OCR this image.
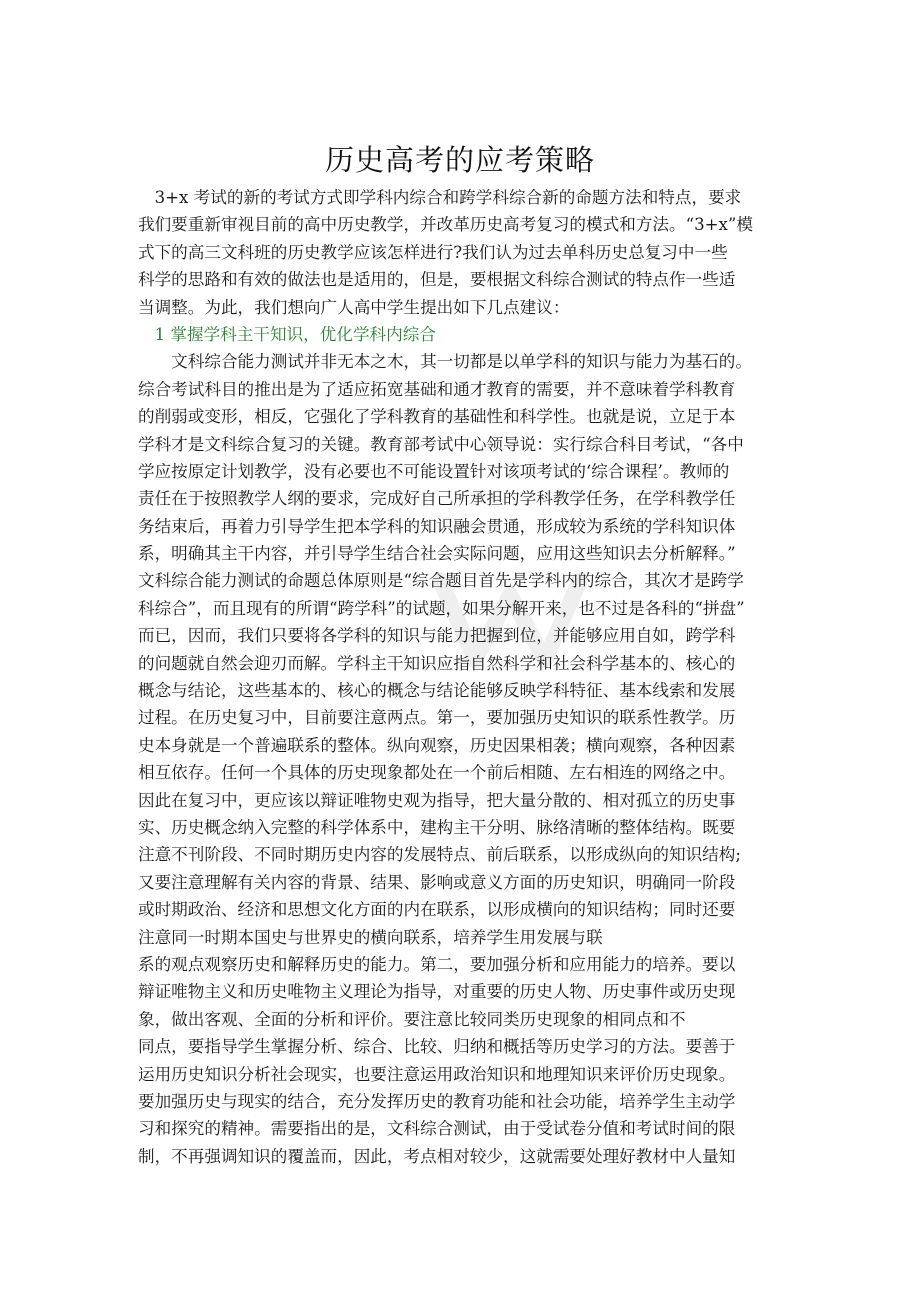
历史高考的应考策略
　3+x 考试的新的考试方式即学科内综合和跨学科综合新的命题方法和特点，要求
我们要重新审视目前的高中历史教学，并改革历史高考复习的模式和方法。“3+x”模
式下的高三文科班的历史教学应该怎样进行?我们认为过去单科历史总复习中一些
科学的思路和有效的做法也是适用的，但是，要根据文科综合测试的特点作一些适
当调整。为此，我们想向广人高中学生提出如下几点建议：
　1 掌握学科主干知识，优化学科内综合
　　文科综合能力测试并非无本之木，其一切都是以单学科的知识与能力为基石的。
综合考试科目的推出是为了适应拓宽基础和通才教育的需要，并不意味着学科教育
的削弱或变形，相反，它强化了学科教育的基础性和科学性。也就是说，立足于本
学科才是文科综合复习的关键。教育部考试中心领导说：实行综合科目考试，“各中
学应按原定计划教学，没有必要也不可能设置针对该项考试的‘综合课程’。教师的
责任在于按照教学人纲的要求，完成好自己所承担的学科教学任务，在学科教学任
务结束后，再着力引导学生把本学科的知识融会贯通，形成较为系统的学科知识体
系，明确其主干内容，并引导学生结合社会实际问题，应用这些知识去分析解释。”
文科综合能力测试的命题总体原则是“综合题目首先是学科内的综合，其次才是跨学
科综合”，而且现有的所谓“跨学科”的试题，如果分解开来，也不过是各科的“拼盘”
而已，因而，我们只要将各学科的知识与能力把握到位，并能够应用自如，跨学科
的问题就自然会迎刃而解。学科主干知识应指自然科学和社会科学基本的、核心的
概念与结论，这些基本的、核心的概念与结论能够反映学科特征、基本线索和发展
过程。在历史复习中，目前要注意两点。第一，要加强历史知识的联系性教学。历
史本身就是一个普遍联系的整体。纵向观察，历史因果相袭；横向观察，各种因素
相互依存。任何一个具体的历史现象都处在一个前后相随、左右相连的网络之中。
因此在复习中，更应该以辩证唯物史观为指导，把大量分散的、相对孤立的历史事
实、历史概念纳入完整的科学体系中，建构主干分明、脉络清晰的整体结构。既要
注意不刊阶段、不同时期历史内容的发展特点、前后联系，以形成纵向的知识结构;
又要注意理解有关内容的背景、结果、影响或意义方面的历史知识，明确同一阶段
或时期政治、经济和思想文化方面的内在联系，以形成横向的知识结构；同时还要
注意同一时期本国史与世界史的横向联系，培养学生用发展与联
系的观点观察历史和解释历史的能力。第二，要加强分析和应用能力的培养。要以
辩证唯物主义和历史唯物主义理论为指导，对重要的历史人物、历史事件或历史现
象，做出客观、全面的分析和评价。要注意比较同类历史现象的相同点和不
同点，要指导学生掌握分析、综合、比较、归纳和概括等历史学习的方法。要善于
运用历史知识分析社会现实，也要注意运用政治知识和地理知识来评价历史现象。
要加强历史与现实的结合，充分发挥历史的教育功能和社会功能，培养学生主动学
习和探究的精神。需要指出的是，文科综合测试，由于受试卷分值和考试时间的限
制，不再强调知识的覆盖而，因此，考点相对较少，这就需要处理好教材中人量知
